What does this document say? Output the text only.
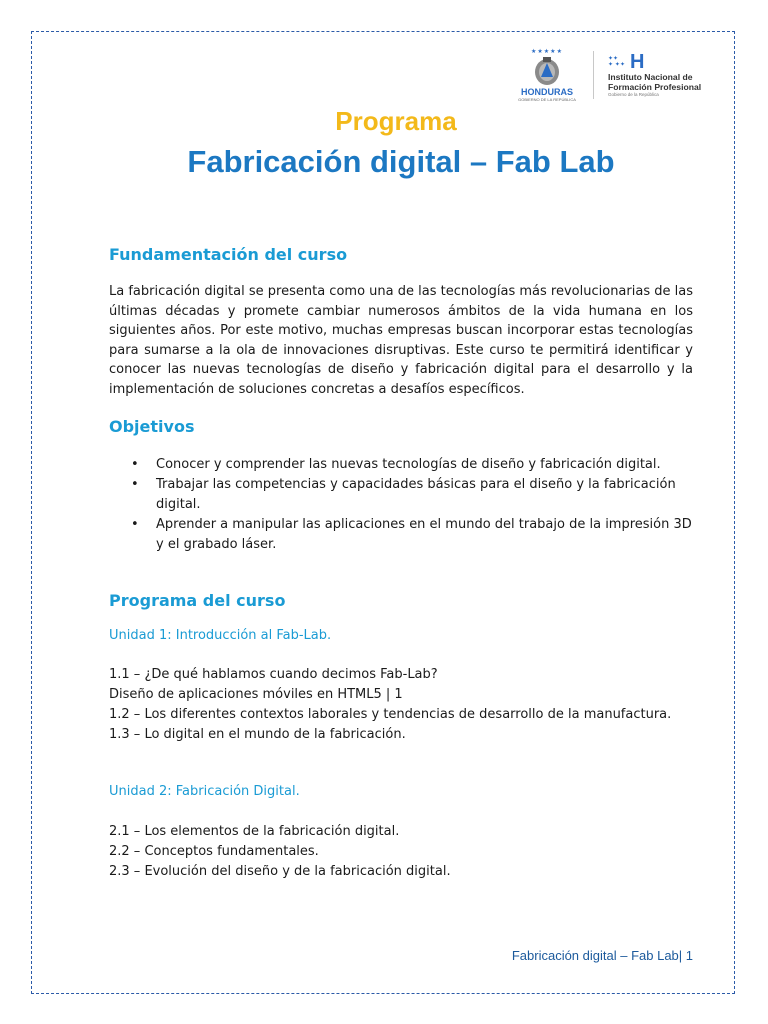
★★★★★
HONDURAS
GOBIERNO DE LA REPÚBLICA
✦✦
✦ ✦✦ H
Instituto Nacional de
Formación Profesional
Gobierno de la República
Programa
Fabricación digital – Fab Lab
Fundamentación del curso

La fabricación digital se presenta como una de las tecnologías más revolucionarias de las últimas décadas y promete cambiar numerosos ámbitos de la vida humana en los siguientes años. Por este motivo, muchas empresas buscan incorporar estas tecnologías para sumarse a la ola de innovaciones disruptivas. Este curso te permitirá identificar y conocer las nuevas tecnologías de diseño y fabricación digital para el desarrollo y la implementación de soluciones concretas a desafíos específicos.

Objetivos
• Conocer y comprender las nuevas tecnologías de diseño y fabricación digital.
• Trabajar las competencias y capacidades básicas para el diseño y la fabricación digital.
• Aprender a manipular las aplicaciones en el mundo del trabajo de la impresión 3D y el grabado láser.
Programa del curso
Unidad 1: Introducción al Fab-Lab.
1.1 – ¿De qué hablamos cuando decimos Fab-Lab?
Diseño de aplicaciones móviles en HTML5 | 1
1.2 – Los diferentes contextos laborales y tendencias de desarrollo de la manufactura.
1.3 – Lo digital en el mundo de la fabricación.
Unidad 2: Fabricación Digital.
2.1 – Los elementos de la fabricación digital.
2.2 – Conceptos fundamentales.
2.3 – Evolución del diseño y de la fabricación digital.
Fabricación digital – Fab Lab| 1
